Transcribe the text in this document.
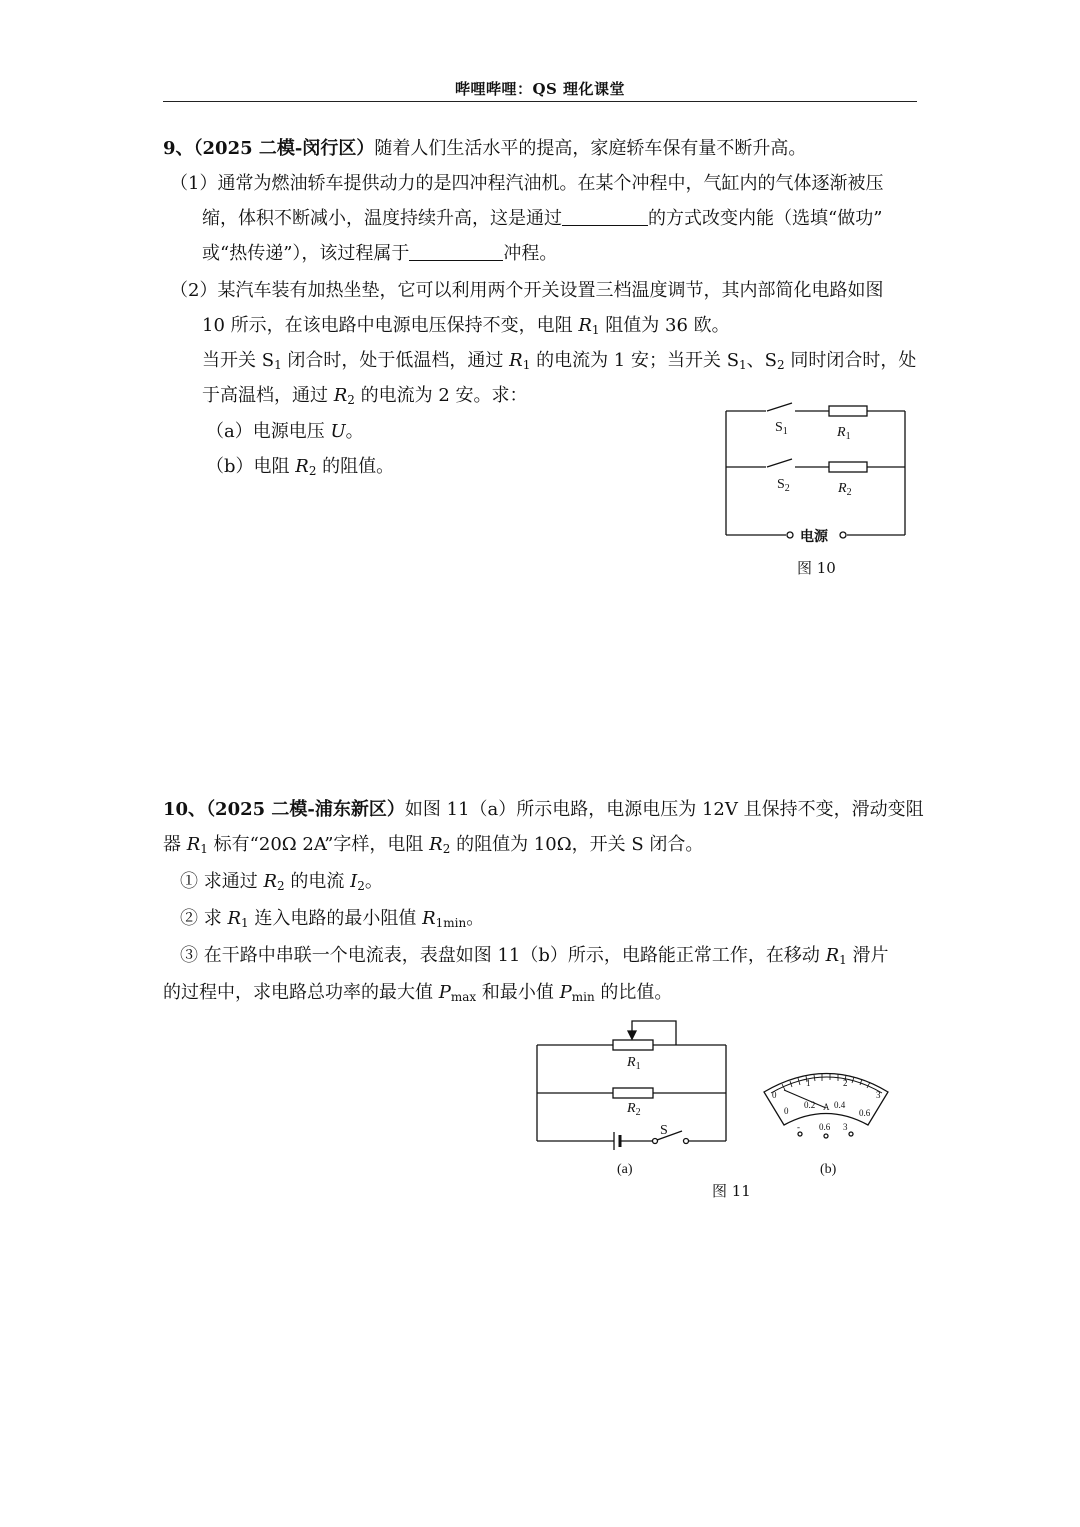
哔哩哔哩：QS 理化课堂
9、（2025 二模-闵行区）随着人们生活水平的提高，家庭轿车保有量不断升高。
（1）通常为燃油轿车提供动力的是四冲程汽油机。在某个冲程中，气缸内的气体逐渐被压
缩，体积不断减小，温度持续升高，这是通过	的方式改变内能（选填“做功”
或“热传递”），该过程属于	冲程。
（2）某汽车装有加热坐垫，它可以利用两个开关设置三档温度调节，其内部简化电路如图
10 所示，在该电路中电源电压保持不变，电阻 $R_1$ 阻值为 36 欧。
当开关 $S_1$ 闭合时，处于低温档，通过 $R_1$ 的电流为 1 安；当开关 $S_1$、$S_2$ 同时闭合时，处
于高温档，通过 $R_2$ 的电流为 2 安。求：
（a）电源电压 U。
（b）电阻 $R_2$ 的阻值。
$S_1$	$R_1$
$S_2$	$R_2$
电源
图 10
10、（2025 二模-浦东新区）如图 11（a）所示电路，电源电压为 12V 且保持不变，滑动变阻
器 $R_1$ 标有“20Ω 2A”字样，电阻 $R_2$ 的阻值为 10Ω，开关 S 闭合。
① 求通过 $R_2$ 的电流 $I_2$。
② 求 $R_1$ 连入电路的最小阻值 $R_{1min}$。
③ 在干路中串联一个电流表，表盘如图 11（b）所示，电路能正常工作，在移动 $R_1$ 滑片
的过程中，求电路总功率的最大值 $P_{max}$ 和最小值 $P_{min}$ 的比值。
$R_1$
$R_2$
S
(a)
0
1	2
3
0
0.2 0.4
0.6
A
- 0.6 3
(b)
图 11
